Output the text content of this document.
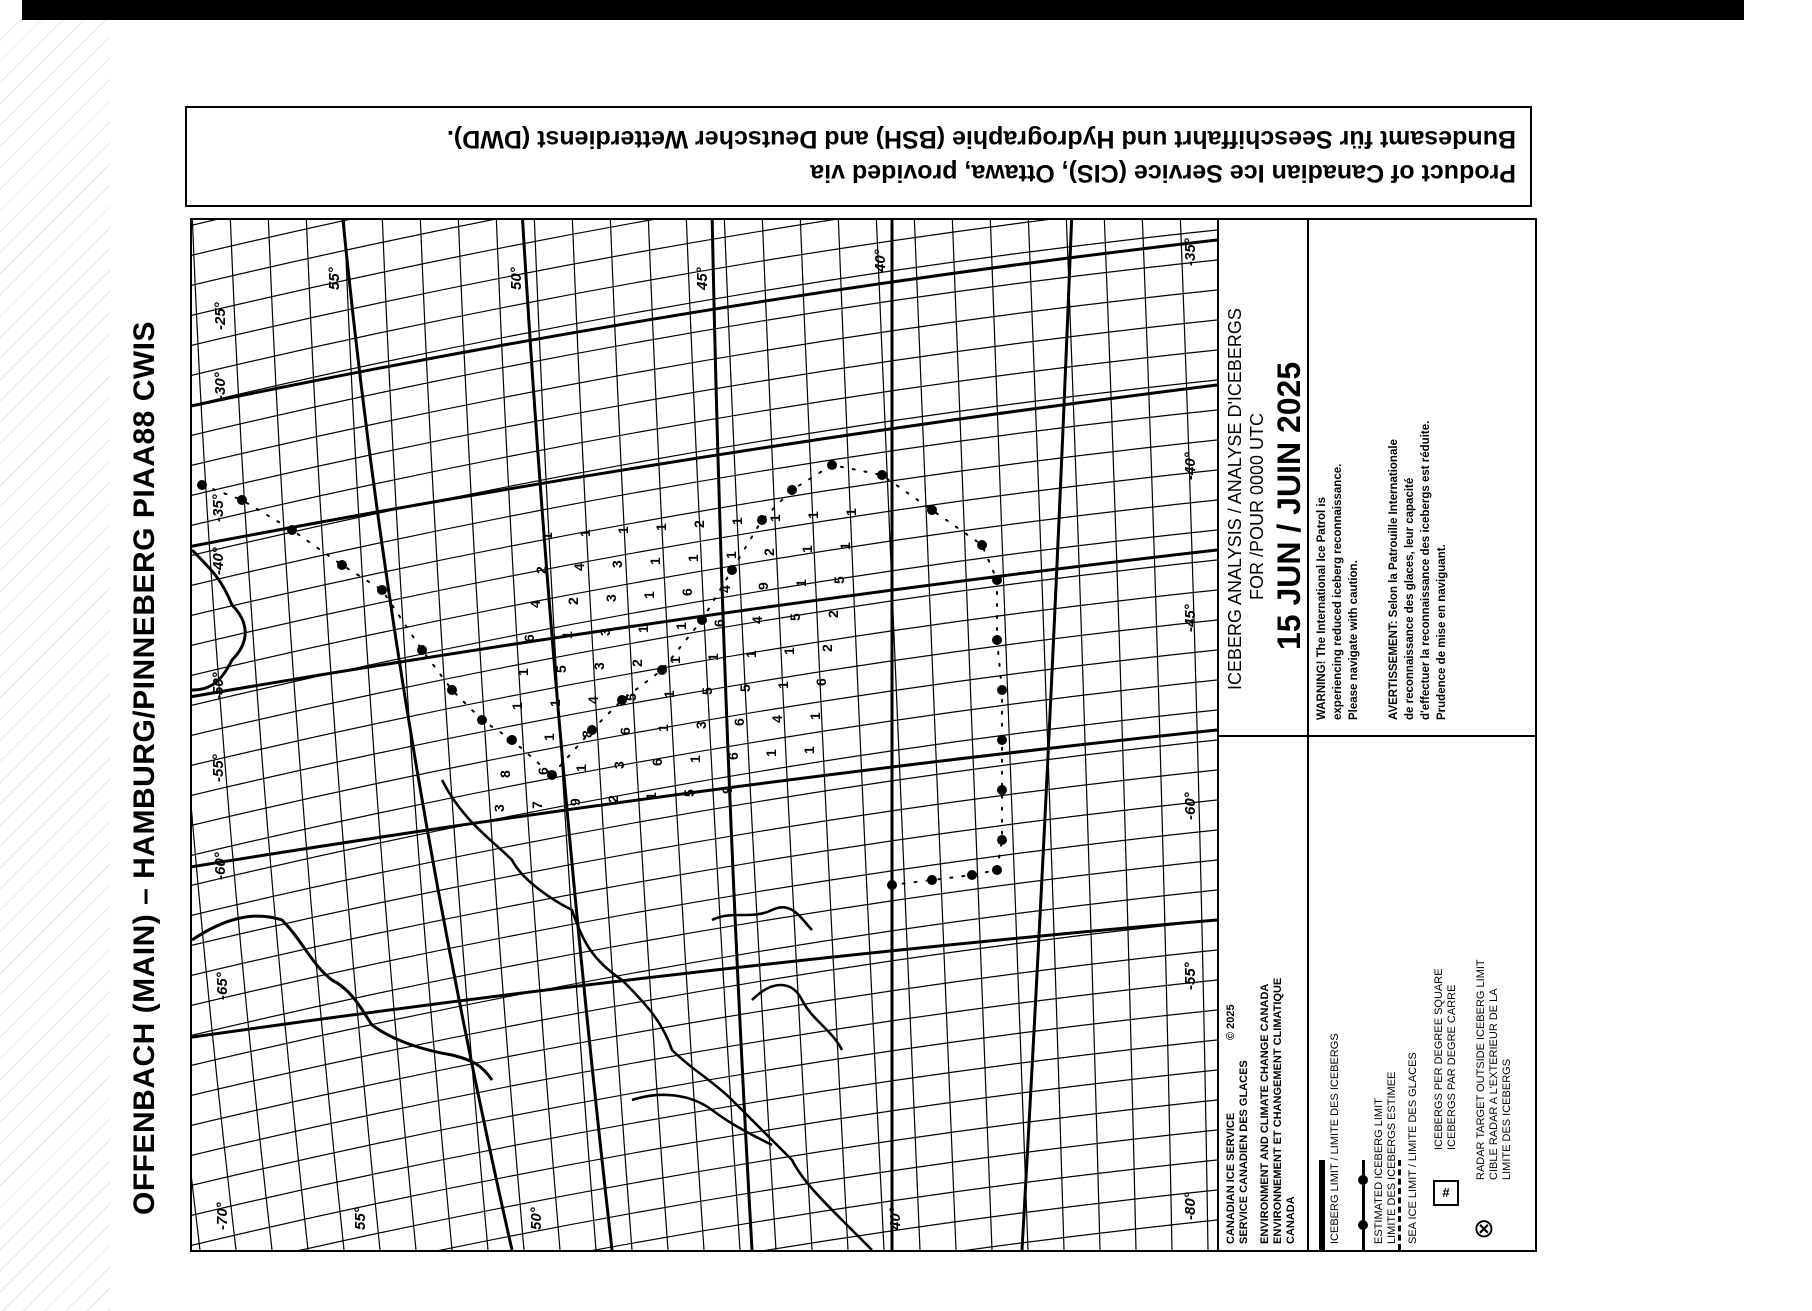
OFFENBACH (MAIN) – HAMBURG/PINNEBERG PIAA88 CWIS
Product of Canadian Ice Service (CIS), Ottawa, provided via
Bundesamt für Seeschiffahrt und Hydrographie (BSH) and Deutscher Wetterdienst (DWD).
1 1 1 1 2 1 1 1 1
2 4 3 1 1 1 2 1 1
4 2 3 1 6 4 9 1 5
6 1 3 1 1 6 4 5 2
1 5 3 2 1 1 1 1 2
1 1 4 5 1 5 5 1 6
3 1 8 6 1 3 6 4 1
8 6 1 3 6 1 6 1 1
3 7 9 2 1 5 9
-70°
-65°
-60°
-55°
-50°
-40°
-35°
-30°
-25°
-80°
-55°
-60°
-45°
-40°
-35°
55°	50°	40°
40°
45°
50°
55°
ICEBERG ANALYSIS / ANALYSE D'ICEBERGS FOR /POUR 0000 UTC 15 JUN / JUIN 2025 WARNING! The International Ice Patrol is experiencing reduced iceberg reconnaissance. Please navigate with caution. AVERTISSEMENT: Selon la Patrouille Internationale de reconnaissance des glaces, leur capacité d'effectuer la reconnaissance des icebergs est réduite. Prudence de mise en naviguant.
CANADIAN ICE SERVICE SERVICE CANADIEN DES GLACES ENVIRONMENT AND CLIMATE CHANGE CANADA ENVIRONNEMENT ET CHANGEMENT CLIMATIQUE CANADA
© 2025
ICEBERG LIMIT / LIMITE DES ICEBERGS	ESTIMATED ICEBERG LIMIT LIMITE DES ICEBERGS ESTIMEE SEA ICE LIMIT / LIMITE DES GLACES	#
ICEBERGS PER DEGREE SQUARE ICEBERGS PAR DEGRE CARRE
⊗
RADAR TARGET OUTSIDE ICEBERG LIMIT CIBLE RADAR A L'EXTERIEUR DE LA LIMITE DES ICEBERGS
